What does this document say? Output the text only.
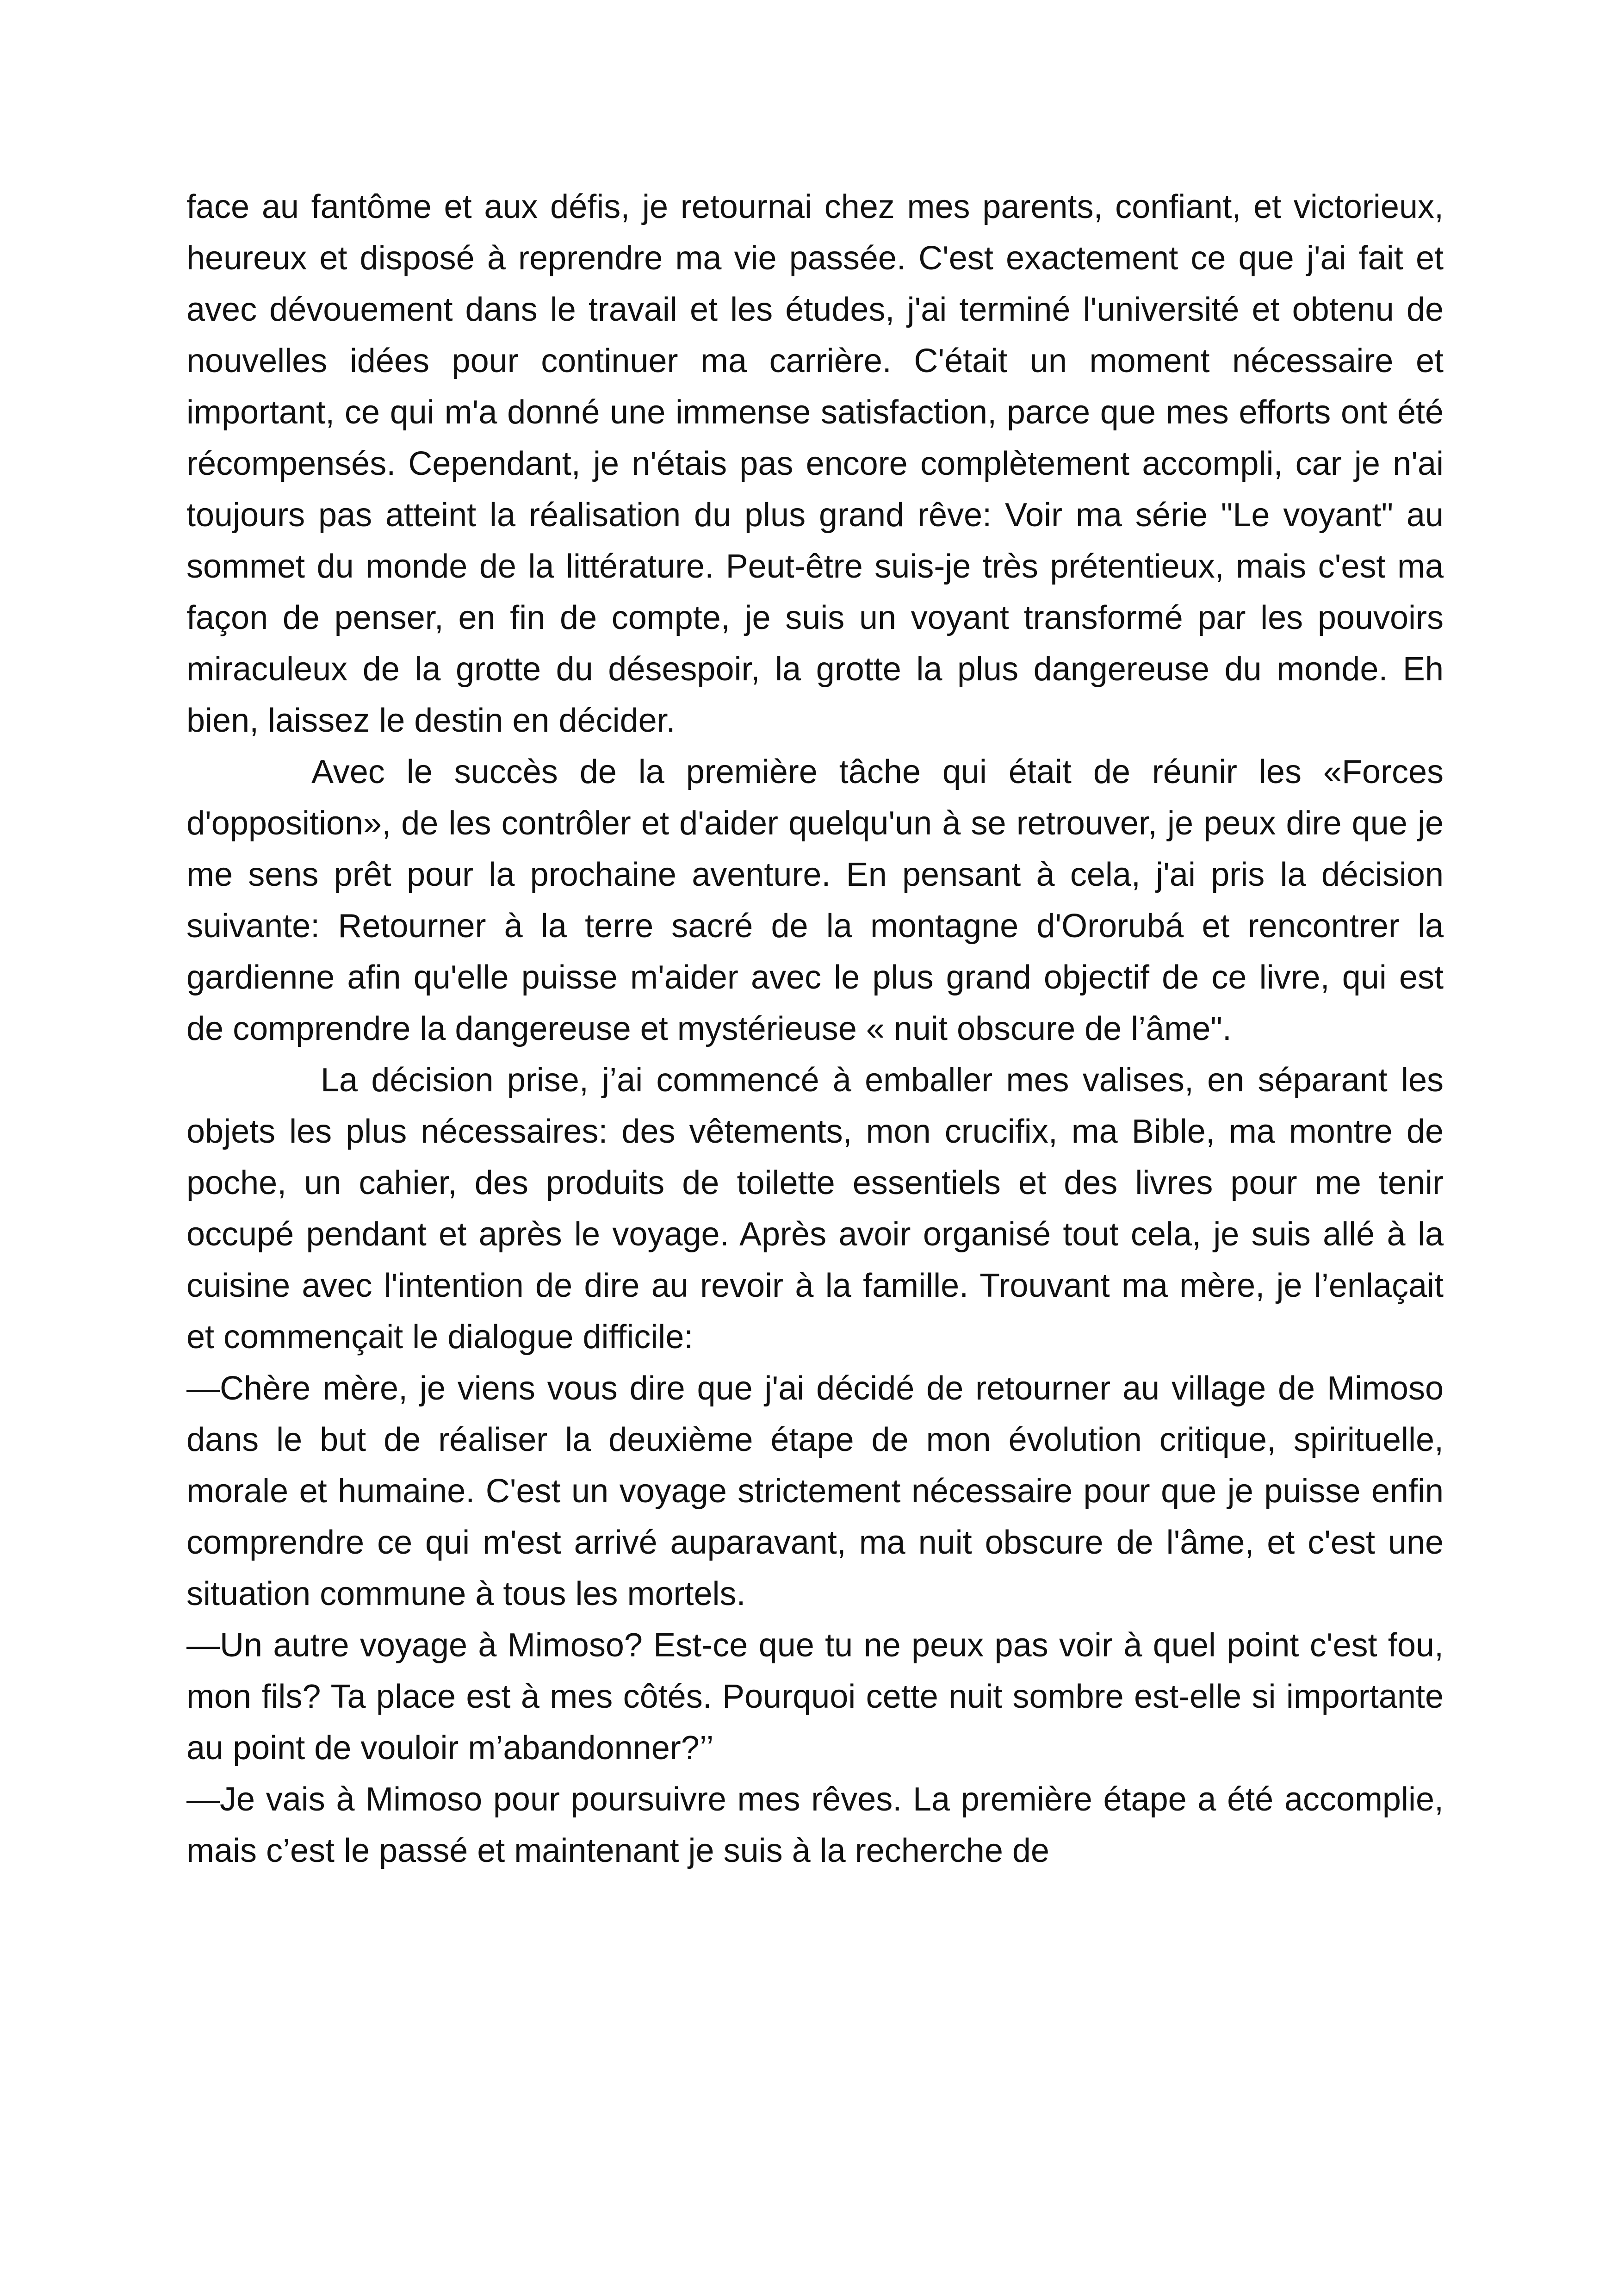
face au fantôme et aux défis, je retournai chez mes parents, confiant, et victorieux, heureux et disposé à reprendre ma vie passée. C'est exactement ce que j'ai fait et avec dévouement dans le travail et les études, j'ai terminé l'université et obtenu de nouvelles idées pour continuer ma carrière. C'était un moment nécessaire et important, ce qui m'a donné une immense satisfaction, parce que mes efforts ont été récompensés. Cependant, je n'étais pas encore complètement accompli, car je n'ai toujours pas atteint la réalisation du plus grand rêve: Voir ma série "Le voyant" au sommet du monde de la littérature. Peut-être suis-je très prétentieux, mais c'est ma façon de penser, en fin de compte, je suis un voyant transformé par les pouvoirs miraculeux de la grotte du désespoir, la grotte la plus dangereuse du monde. Eh bien, laissez le destin en décider.

Avec le succès de la première tâche qui était de réunir les «Forces d'opposition», de les contrôler et d'aider quelqu'un à se retrouver, je peux dire que je me sens prêt pour la prochaine aventure. En pensant à cela, j'ai pris la décision suivante: Retourner à la terre sacré de la montagne d'Ororubá et rencontrer la gardienne afin qu'elle puisse m'aider avec le plus grand objectif de ce livre, qui est de comprendre la dangereuse et mystérieuse « nuit obscure de l’âme".

La décision prise, j’ai commencé à emballer mes valises, en séparant les objets les plus nécessaires: des vêtements, mon crucifix, ma Bible, ma montre de poche, un cahier, des produits de toilette essentiels et des livres pour me tenir occupé pendant et après le voyage. Après avoir organisé tout cela, je suis allé à la cuisine avec l'intention de dire au revoir à la famille. Trouvant ma mère, je l’enlaçait et commençait le dialogue difficile:

—Chère mère, je viens vous dire que j'ai décidé de retourner au village de Mimoso dans le but de réaliser la deuxième étape de mon évolution critique, spirituelle, morale et humaine. C'est un voyage strictement nécessaire pour que je puisse enfin comprendre ce qui m'est arrivé auparavant, ma nuit obscure de l'âme, et c'est une situation commune à tous les mortels.

—Un autre voyage à Mimoso? Est-ce que tu ne peux pas voir à quel point c'est fou, mon fils? Ta place est à mes côtés. Pourquoi cette nuit sombre est-elle si importante au point de vouloir m’abandonner?’’

—Je vais à Mimoso pour poursuivre mes rêves. La première étape a été accomplie, mais c’est le passé et maintenant je suis à la recherche de
